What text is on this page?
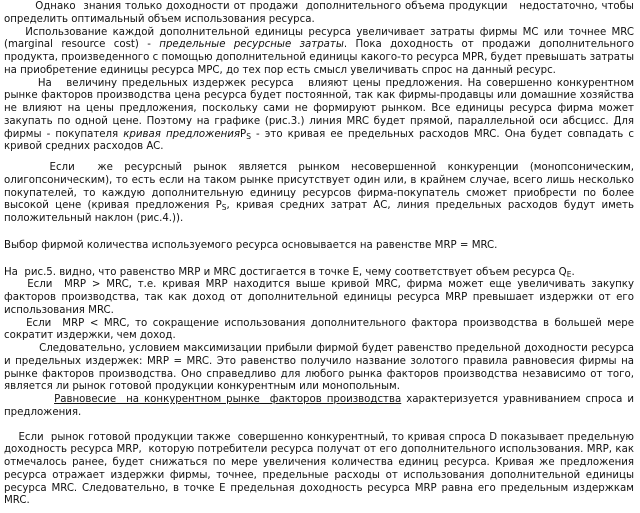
Однако  знания только доходности от продажи  дополнительного объема продукции   недостаточно, чтобы определить оптимальный объем использования ресурса.

Использование каждой дополнительной единицы ресурса увеличивает затраты фирмы МС или точнее MRC (marginal resource cost) - предельные ресурсные затраты. Пока доходность от продажи дополнительного продукта, произведенного с помощью дополнительной единицы какого-то ресурса MPR, будет превышать затраты на приобретение единицы ресурса MPC, до тех пор есть смысл увеличивать спрос на данный ресурс.

На   величину предельных издержек ресурса   влияют цены предложения. На совершенно конкурентном рынке факторов производства цена ресурса будет постоянной, так как фирмы-продавцы или домашние хозяйства не влияют на цены предложения, поскольку сами не формируют рынком. Все единицы ресурса фирма может закупать по одной цене. Поэтому на графике (рис.3.) линия MRC будет прямой, параллельной оси абсцисс. Для фирмы - покупателя кривая предложенияP$_S$ - это кривая ее предельных расходов MRC. Она будет совпадать с кривой средних расходов AC.

Если  же ресурсный рынок является рынком несовершенной конкуренции (монопсоническим, олигопсоническим), то есть если на таком рынке присутствует один или, в крайнем случае, всего лишь несколько покупателей, то каждую дополнительную единицу ресурсов фирма-покупатель сможет приобрести по более высокой цене (кривая предложения $P_S$, кривая средних затрат АС, линия предельных расходов будут иметь положительный наклон (рис.4.)).

Выбор фирмой количества используемого ресурса основывается на равенстве MRP = MRC.

На  рис.5. видно, что равенство MRP и MRC достигается в точке Е, чему соответствует объем ресурса $Q_E$.

Если  MRP > MRC, т.е. кривая MRP находится выше кривой MRC, фирма может еще увеличивать закупку факторов производства, так как доход от дополнительной единицы ресурса MRP превышает издержки от его использования MRC.

Если  MRP < MRC, то сокращение использования дополнительного фактора производства в большей мере сократит издержки, чем доход.

Следовательно, условием максимизации прибыли фирмой будет равенство предельной доходности ресурса и предельных издержек: MRP = MRC. Это равенство получило название золотого правила равновесия фирмы на рынке факторов производства. Оно справедливо для любого рынка факторов производства независимо от того, является ли рынок готовой продукции конкурентным или монопольным.

Равновесие  на конкурентном рынке  факторов производства характеризуется уравниванием спроса и предложения.

Если  рынок готовой продукции также  совершенно конкурентный, то кривая спроса D показывает предельную доходность ресурса MRP,  которую потребители ресурса получат от его дополнительного использования. MRP, как отмечалось ранее, будет снижаться по мере увеличения количества единиц ресурса. Кривая же предложения ресурса отражает издержки фирмы, точнее, предельные расходы от использования дополнительной единицы ресурса MRC. Следовательно, в точке Е предельная доходность ресурса MRP равна его предельным издержкам MRC.
